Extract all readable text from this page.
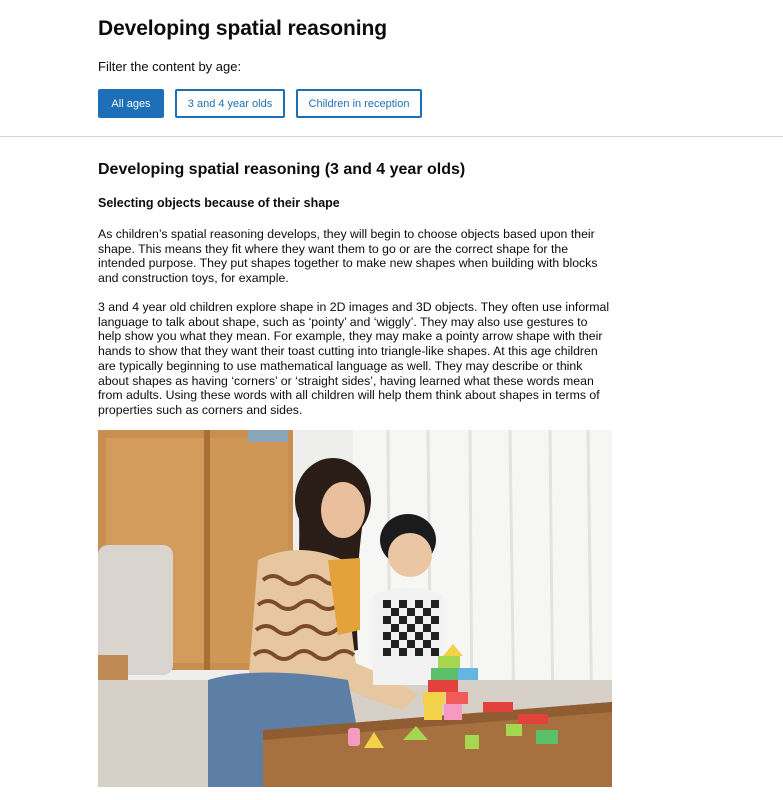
Developing spatial reasoning
Filter the content by age:
All ages	3 and 4 year olds	Children in reception
Developing spatial reasoning (3 and 4 year olds)
Selecting objects because of their shape

As children’s spatial reasoning develops, they will begin to choose objects based upon their shape. This means they fit where they want them to go or are the correct shape for the intended purpose. They put shapes together to make new shapes when building with blocks and construction toys, for example.

3 and 4 year old children explore shape in 2D images and 3D objects. They often use informal language to talk about shape, such as ‘pointy’ and ‘wiggly’. They may also use gestures to help show you what they mean. For example, they may make a pointy arrow shape with their hands to show that they want their toast cutting into triangle-like shapes. At this age children are typically beginning to use mathematical language as well. They may describe or think about shapes as having ‘corners’ or ‘straight sides’, having learned what these words mean from adults. Using these words with all children will help them think about shapes in terms of properties such as corners and sides.
